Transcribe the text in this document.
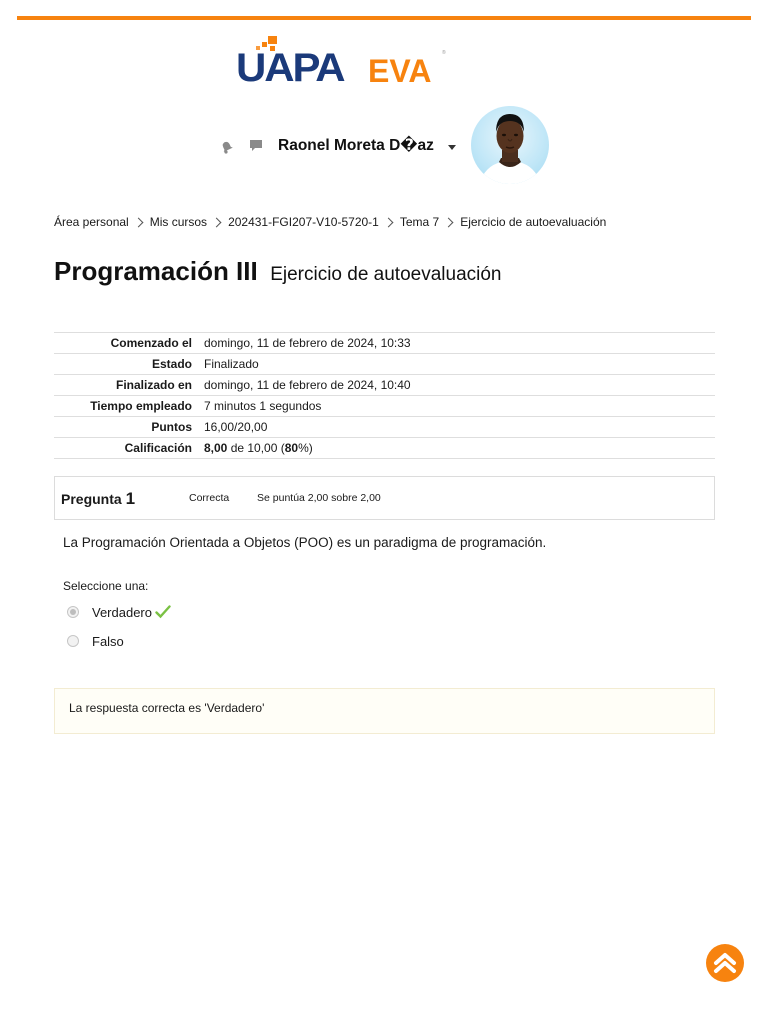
UAPA EVA ®
Raonel Moreta D�az
Área personal Mis cursos 202431-FGI207-V10-5720-1 Tema 7 Ejercicio de autoevaluación
Programación III Ejercicio de autoevaluación
Comenzado el	domingo, 11 de febrero de 2024, 10:33
Estado	Finalizado
Finalizado en	domingo, 11 de febrero de 2024, 10:40
Tiempo empleado	7 minutos 1 segundos
Puntos	16,00/20,00
Calificación	8,00 de 10,00 (80%)
Pregunta 1	Correcta	Se puntúa 2,00 sobre 2,00
La Programación Orientada a Objetos (POO) es un paradigma de programación.
Seleccione una:
Verdadero
Falso
La respuesta correcta es 'Verdadero'
